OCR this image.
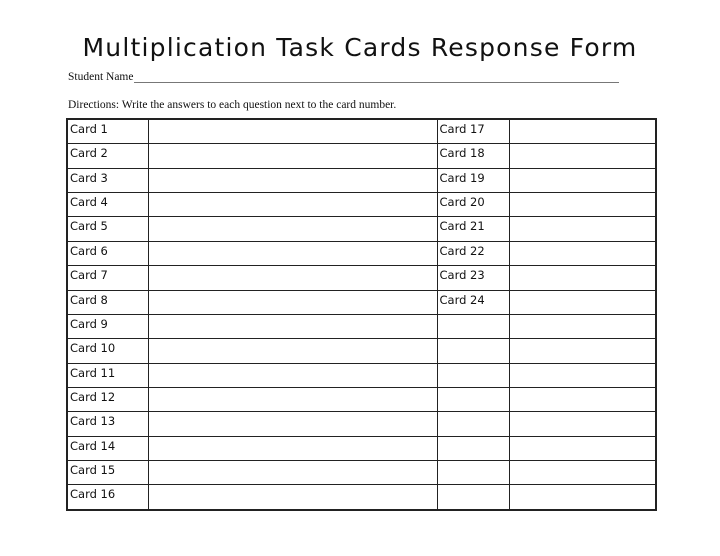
Multiplication Task Cards Response Form
Student Name
Directions: Write the answers to each question next to the card number.
Card 1		Card 17	
Card 2		Card 18	
Card 3		Card 19	
Card 4		Card 20	
Card 5		Card 21	
Card 6		Card 22	
Card 7		Card 23	
Card 8		Card 24	
Card 9			
Card 10			
Card 11			
Card 12			
Card 13			
Card 14			
Card 15			
Card 16			
